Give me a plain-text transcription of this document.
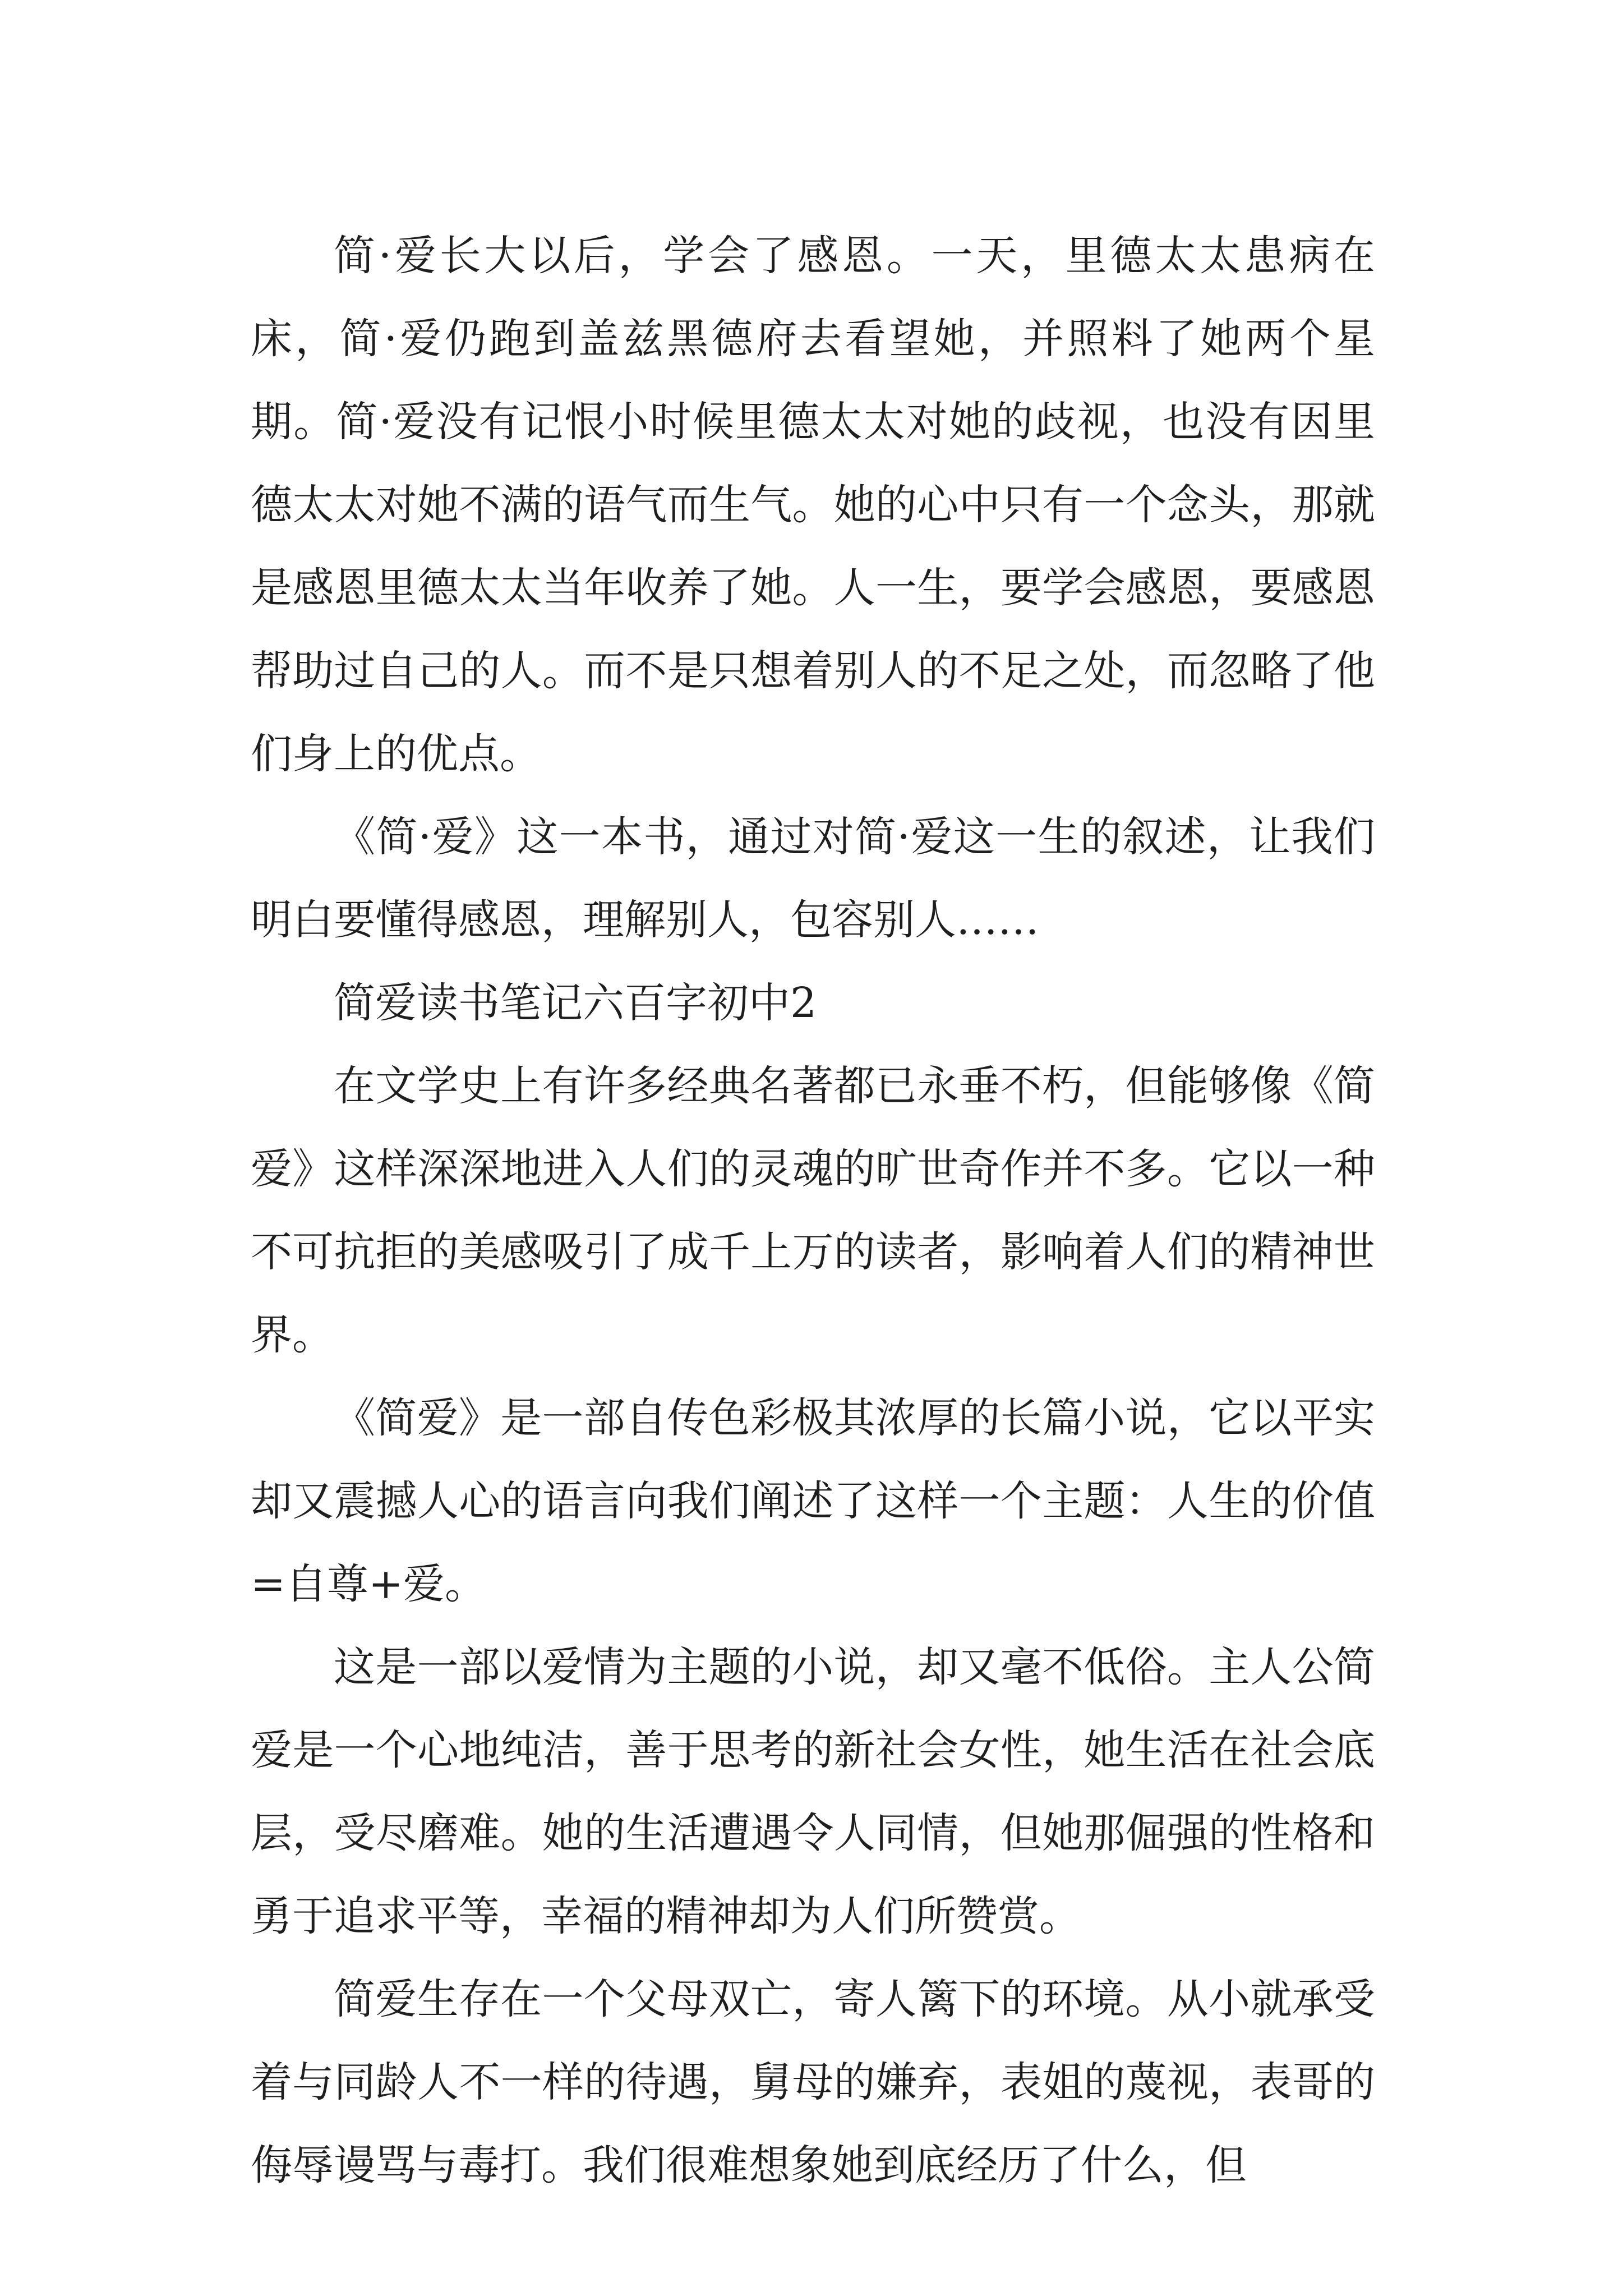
简·爱长大以后，学会了感恩。一天，里德太太患病在床，简·爱仍跑到盖兹黑德府去看望她，并照料了她两个星期。简·爱没有记恨小时候里德太太对她的歧视，也没有因里德太太对她不满的语气而生气。她的心中只有一个念头，那就是感恩里德太太当年收养了她。人一生，要学会感恩，要感恩帮助过自己的人。而不是只想着别人的不足之处，而忽略了他们身上的优点。

《简·爱》这一本书，通过对简·爱这一生的叙述，让我们明白要懂得感恩，理解别人，包容别人……

简爱读书笔记六百字初中2

在文学史上有许多经典名著都已永垂不朽，但能够像《简爱》这样深深地进入人们的灵魂的旷世奇作并不多。它以一种不可抗拒的美感吸引了成千上万的读者，影响着人们的精神世界。

《简爱》是一部自传色彩极其浓厚的长篇小说，它以平实却又震撼人心的语言向我们阐述了这样一个主题：人生的价值=自尊+爱。

这是一部以爱情为主题的小说，却又毫不低俗。主人公简爱是一个心地纯洁，善于思考的新社会女性，她生活在社会底层，受尽磨难。她的生活遭遇令人同情，但她那倔强的性格和勇于追求平等，幸福的精神却为人们所赞赏。

简爱生存在一个父母双亡，寄人篱下的环境。从小就承受着与同龄人不一样的待遇，舅母的嫌弃，表姐的蔑视，表哥的侮辱谩骂与毒打。我们很难想象她到底经历了什么，但
